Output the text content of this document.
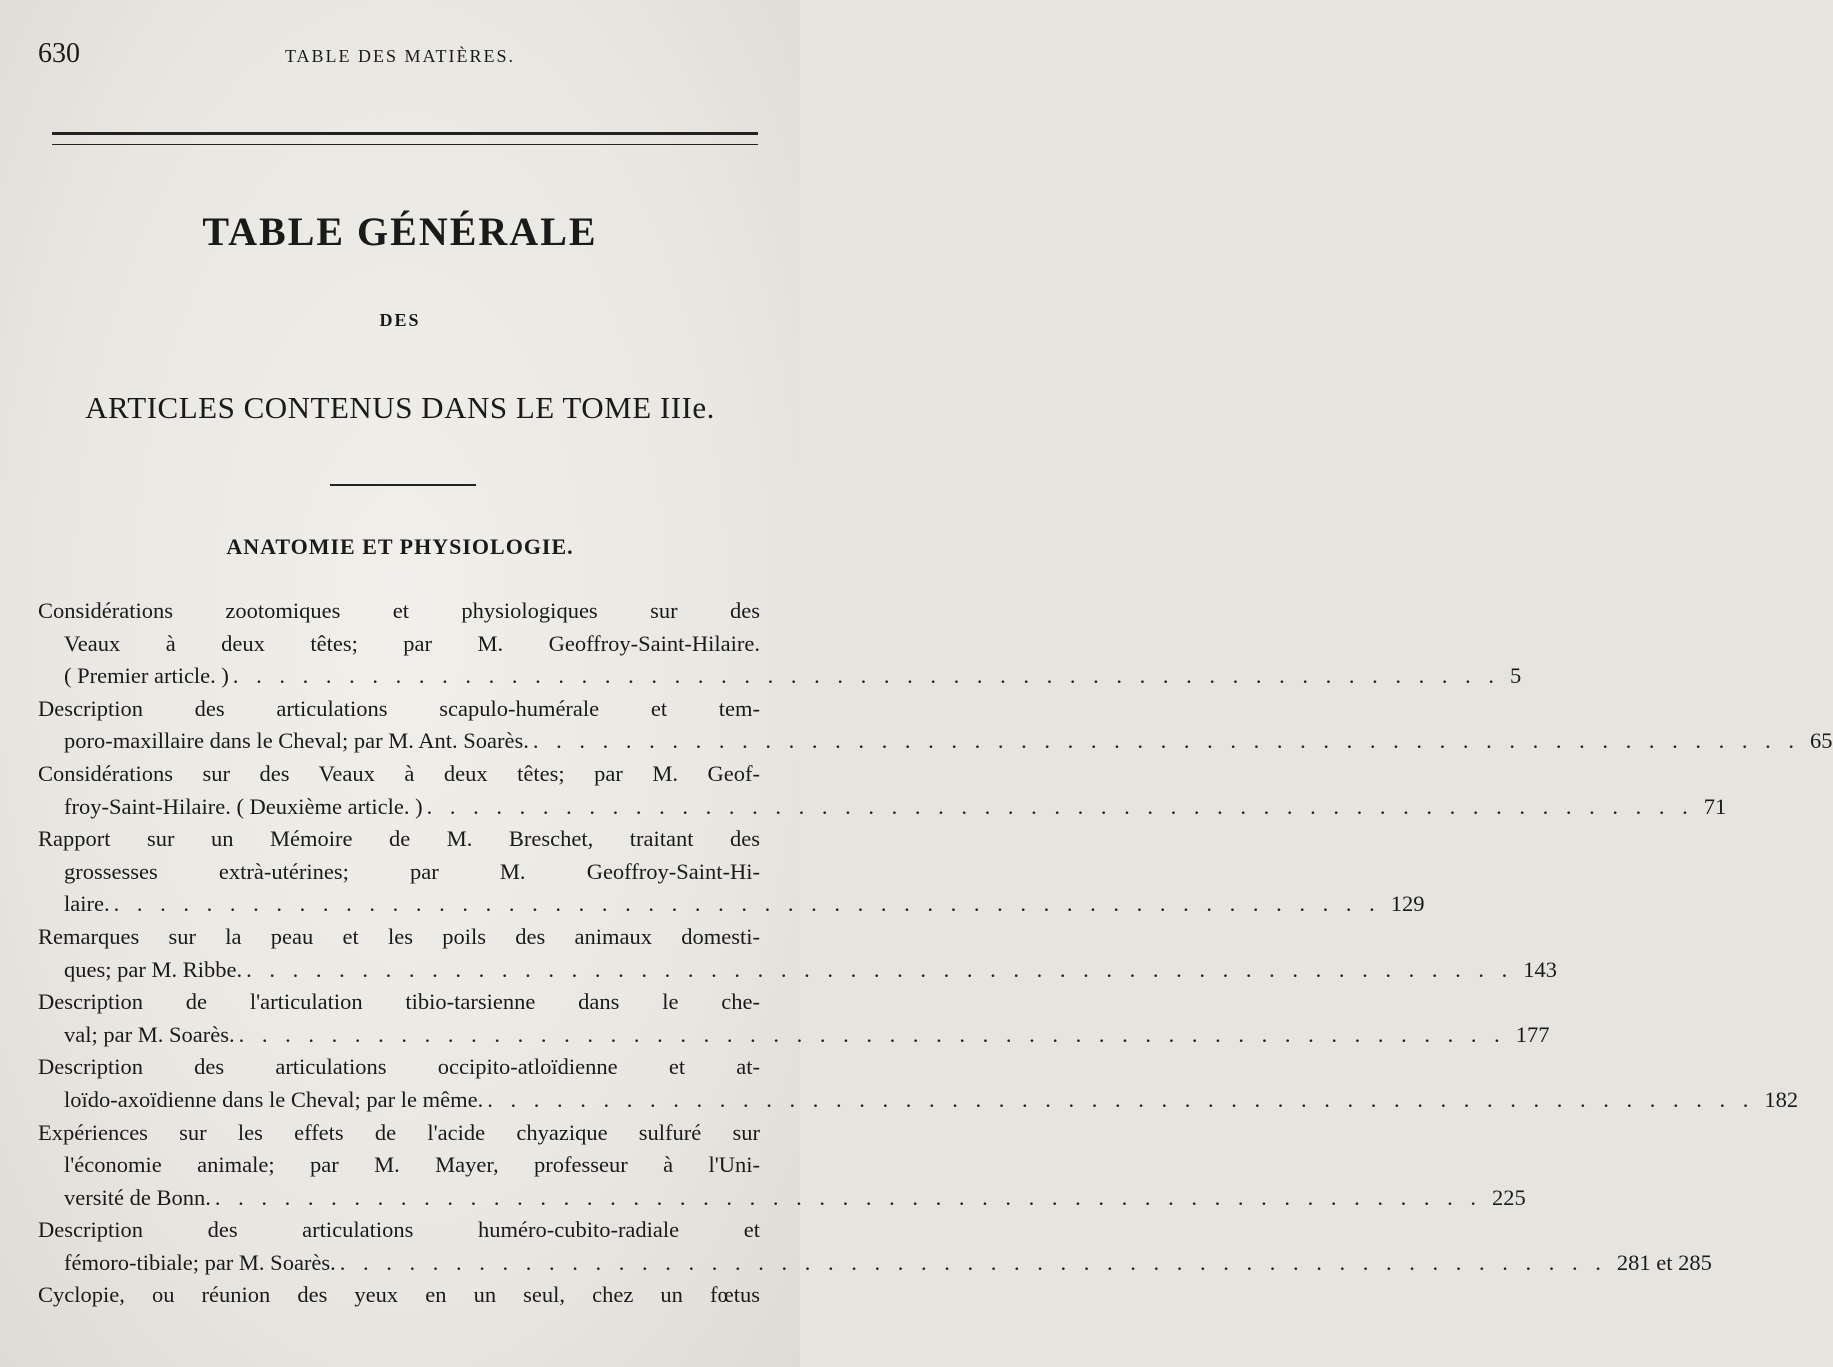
630	TABLE DES MATIÈRES.
TABLE GÉNÉRALE
DES
ARTICLES CONTENUS DANS LE TOME IIIe.
ANATOMIE ET PHYSIOLOGIE.
Considérations zootomiques et physiologiques sur des
Veaux à deux têtes; par M. Geoffroy-Saint-Hilaire.
( Premier article. ) . . . . . . . . . . . . . . . . . . . . . . . . . . . . . . . . . . . . . . . . . . . . . . . . . . . . . . . 5
Description des articulations scapulo-humérale et tem-
poro-maxillaire dans le Cheval; par M. Ant. Soarès. . . . . . . . . . . . . . . . . . . . . . . . . . . . . . . . . . . . . . . . . . . . . . . . . . . . . . . . 65
Considérations sur des Veaux à deux têtes; par M. Geof-
froy-Saint-Hilaire. ( Deuxième article. ) . . . . . . . . . . . . . . . . . . . . . . . . . . . . . . . . . . . . . . . . . . . . . . . . . . . . . . . 71
Rapport sur un Mémoire de M. Breschet, traitant des
grossesses extrà-utérines; par M. Geoffroy-Saint-Hi-
laire. . . . . . . . . . . . . . . . . . . . . . . . . . . . . . . . . . . . . . . . . . . . . . . . . . . . . . . . 129
Remarques sur la peau et les poils des animaux domesti-
ques; par M. Ribbe. . . . . . . . . . . . . . . . . . . . . . . . . . . . . . . . . . . . . . . . . . . . . . . . . . . . . . . . 143
Description de l'articulation tibio-tarsienne dans le che-
val; par M. Soarès. . . . . . . . . . . . . . . . . . . . . . . . . . . . . . . . . . . . . . . . . . . . . . . . . . . . . . . . 177
Description des articulations occipito-atloïdienne et at-
loïdo-axoïdienne dans le Cheval; par le même. . . . . . . . . . . . . . . . . . . . . . . . . . . . . . . . . . . . . . . . . . . . . . . . . . . . . . . . 182
Expériences sur les effets de l'acide chyazique sulfuré sur
l'économie animale; par M. Mayer, professeur à l'Uni-
versité de Bonn. . . . . . . . . . . . . . . . . . . . . . . . . . . . . . . . . . . . . . . . . . . . . . . . . . . . . . . . 225
Description des articulations huméro-cubito-radiale et
fémoro-tibiale; par M. Soarès. . . . . . . . . . . . . . . . . . . . . . . . . . . . . . . . . . . . . . . . . . . . . . . . . . . . . . . . 281 et 285
Cyclopie, ou réunion des yeux en un seul, chez un fœtus
